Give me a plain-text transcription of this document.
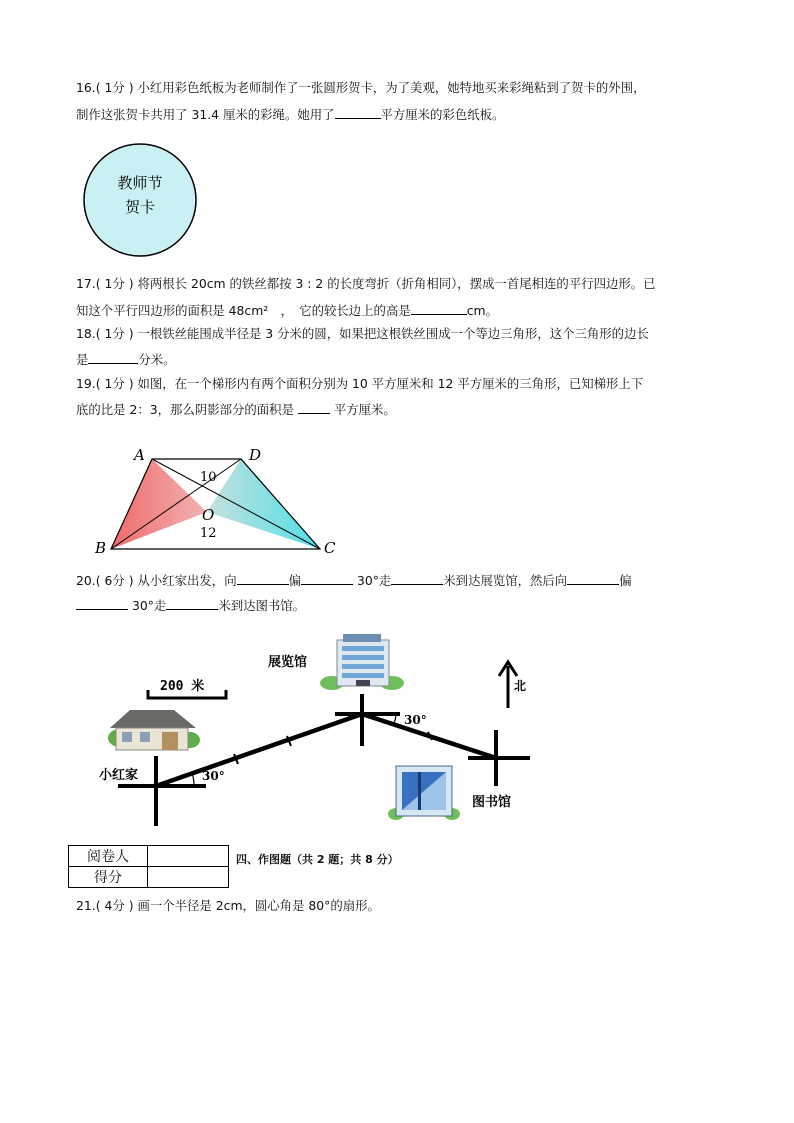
16.( 1分 ) 小红用彩色纸板为老师制作了一张圆形贺卡，为了美观，她特地买来彩绳粘到了贺卡的外围，
制作这张贺卡共用了 31.4 厘米的彩绳。她用了	平方厘米的彩色纸板。
教师节
贺卡
17.( 1分 ) 将两根长 20cm 的铁丝都按 3 : 2 的长度弯折（折角相同），摆成一首尾相连的平行四边形。已
知这个平行四边形的面积是 48cm²　，　它的较长边上的高是	cm。
18.( 1分 ) 一根铁丝能围成半径是 3 分米的圆，如果把这根铁丝围成一个等边三角形，这个三角形的边长
是	分米。
19.( 1分 ) 如图，在一个梯形内有两个面积分别为 10 平方厘米和 12 平方厘米的三角形，已知梯形上下
底的比是 2：3，那么阴影部分的面积是	平方厘米。
A	D
B	C
O
10
12
20.( 6分 ) 从小红家出发，向	偏	30°走	米到达展览馆，然后向	偏
30°走	米到达图书馆。
展览馆
200 米	北
小红家
图书馆
30°
30°
阅卷人	
得分	
四、作图题（共 2 题；共 8 分）
21.( 4分 ) 画一个半径是 2cm，圆心角是 80°的扇形。
